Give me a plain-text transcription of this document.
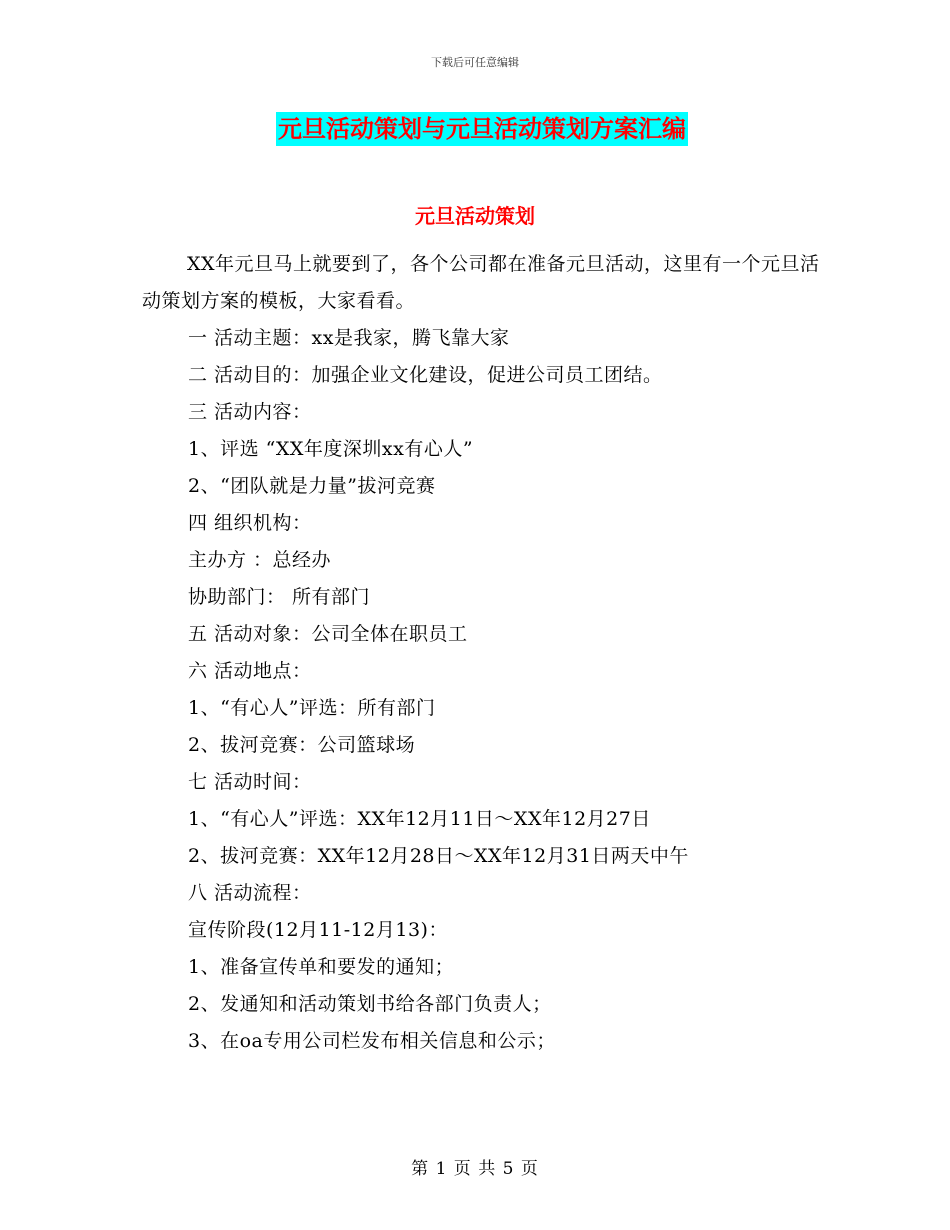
下载后可任意编辑
元旦活动策划与元旦活动策划方案汇编
元旦活动策划

XX年元旦马上就要到了，各个公司都在准备元旦活动，这里有一个元旦活动策划方案的模板，大家看看。

一 活动主题：xx是我家，腾飞靠大家

二 活动目的：加强企业文化建设，促进公司员工团结。

三 活动内容：

1、评选 “XX年度深圳xx有心人”

2、“团队就是力量”拔河竞赛

四 组织机构：

主办方 ：总经办

协助部门： 所有部门

五 活动对象：公司全体在职员工

六 活动地点：

1、“有心人”评选：所有部门

2、拔河竞赛：公司篮球场

七 活动时间：

1、“有心人”评选：XX年12月11日～XX年12月27日

2、拔河竞赛：XX年12月28日～XX年12月31日两天中午

八 活动流程：

宣传阶段(12月11-12月13)：

1、准备宣传单和要发的通知；

2、发通知和活动策划书给各部门负责人；

3、在oa专用公司栏发布相关信息和公示；

第 1 页 共 5 页
